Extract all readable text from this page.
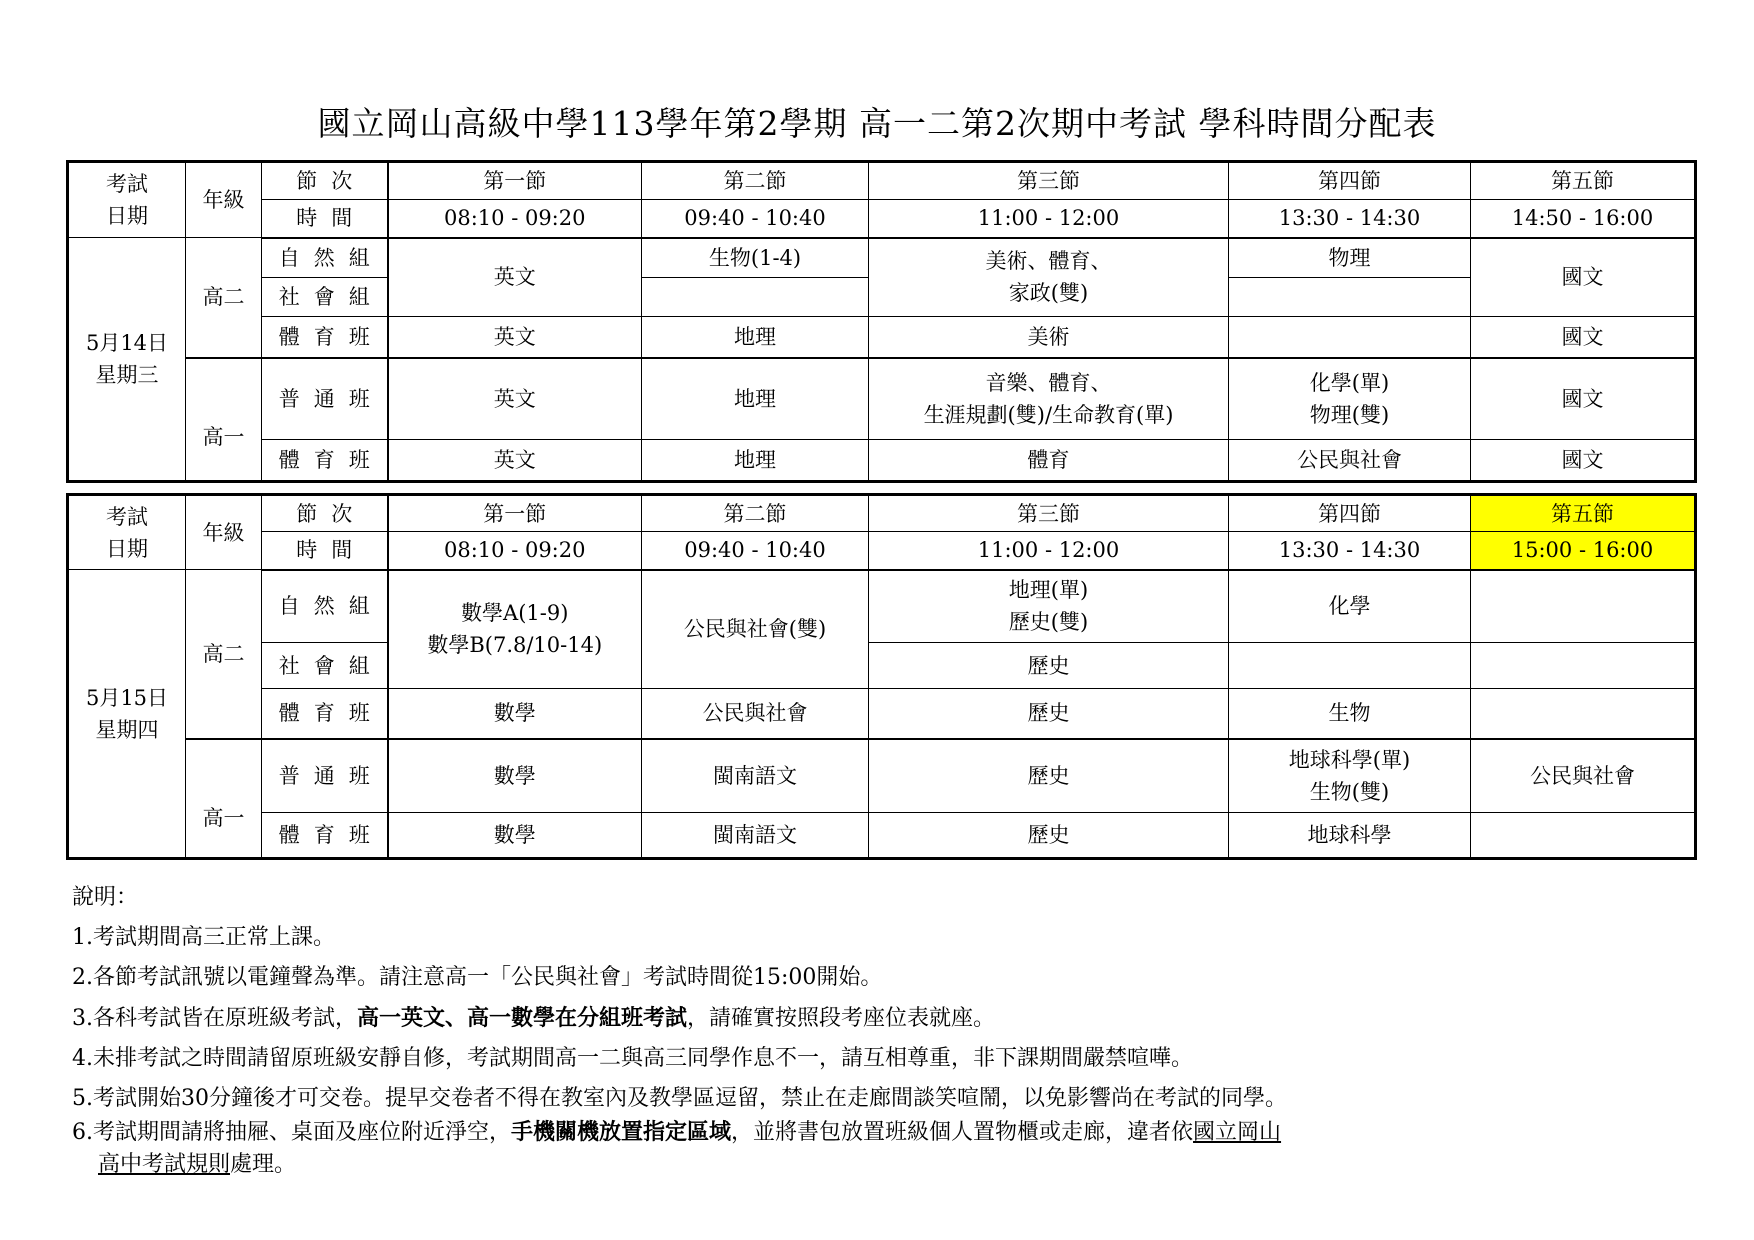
國立岡山高級中學113學年第2學期 高一二第2次期中考試 學科時間分配表
考試
日期	年級	節次	第一節	第二節	第三節	第四節	第五節
		時間	08:10 - 09:20	09:40 - 10:40	11:00 - 12:00	13:30 - 14:30	14:50 - 16:00
5月14日
星期三	高二	自然組	英文	生物(1-4)	美術、體育、
家政(雙)	物理	國文
		社會組					
		體育班	英文	地理	美術		國文
	高一	普通班	英文	地理	音樂、體育、
生涯規劃(雙)/生命教育(單)	化學(單)
物理(雙)	國文
		體育班	英文	地理	體育	公民與社會	國文
考試
日期	年級	節次	第一節	第二節	第三節	第四節	第五節
		時間	08:10 - 09:20	09:40 - 10:40	11:00 - 12:00	13:30 - 14:30	15:00 - 16:00
5月15日
星期四	高二	自然組	數學A(1-9)
數學B(7.8/10-14)	公民與社會(雙)	地理(單)
歷史(雙)	化學	
		社會組			歷史		
		體育班	數學	公民與社會	歷史	生物	
	高一	普通班	數學	閩南語文	歷史	地球科學(單)
生物(雙)	公民與社會
		體育班	數學	閩南語文	歷史	地球科學	
說明：
1.考試期間高三正常上課。
2.各節考試訊號以電鐘聲為準。請注意高一「公民與社會」考試時間從15:00開始。
3.各科考試皆在原班級考試，高一英文、高一數學在分組班考試，請確實按照段考座位表就座。
4.未排考試之時間請留原班級安靜自修，考試期間高一二與高三同學作息不一，請互相尊重，非下課期間嚴禁喧嘩。
5.考試開始30分鐘後才可交卷。提早交卷者不得在教室內及教學區逗留，禁止在走廊間談笑喧鬧，以免影響尚在考試的同學。
6.考試期間請將抽屜、桌面及座位附近淨空，手機關機放置指定區域，並將書包放置班級個人置物櫃或走廊，違者依國立岡山
高中考試規則處理。
